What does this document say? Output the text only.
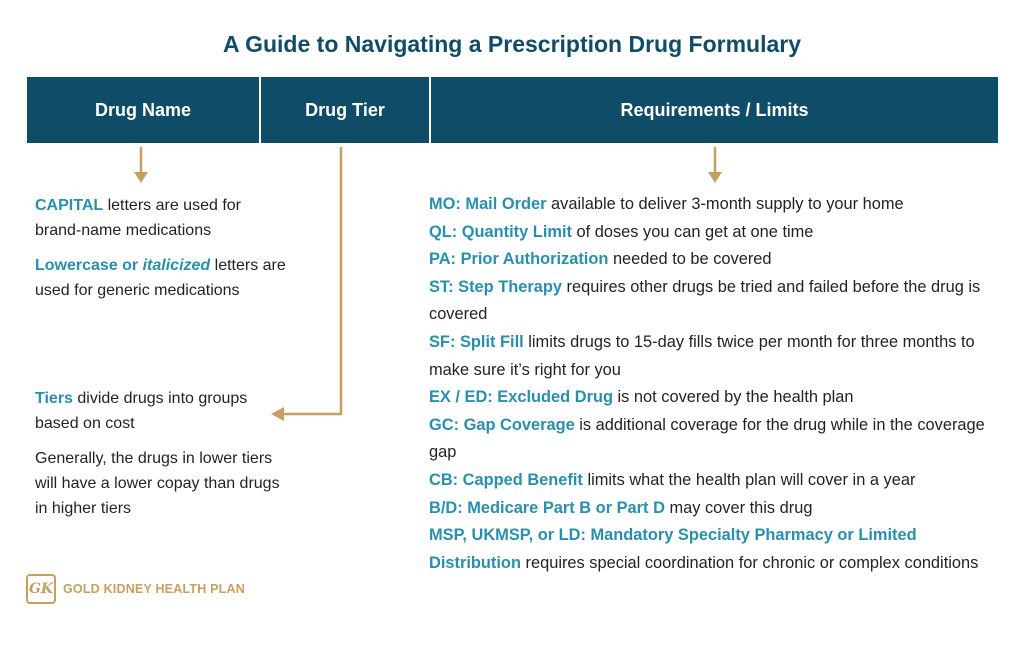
A Guide to Navigating a Prescription Drug Formulary
Drug Name	Drug Tier	Requirements / Limits

CAPITAL letters are used for brand-name medications

Lowercase or italicized letters are used for generic medications

Tiers divide drugs into groups based on cost

Generally, the drugs in lower tiers will have a lower copay than drugs in higher tiers

MO: Mail Order available to deliver 3-month supply to your home

QL: Quantity Limit of doses you can get at one time

PA: Prior Authorization needed to be covered

ST: Step Therapy requires other drugs be tried and failed before the drug is covered

SF: Split Fill limits drugs to 15-day fills twice per month for three months to make sure it’s right for you

EX / ED: Excluded Drug is not covered by the health plan

GC: Gap Coverage is additional coverage for the drug while in the coverage gap

CB: Capped Benefit limits what the health plan will cover in a year

B/D: Medicare Part B or Part D may cover this drug

MSP, UKMSP, or LD: Mandatory Specialty Pharmacy or Limited Distribution requires special coordination for chronic or complex conditions

GK GOLD KIDNEY HEALTH PLAN
